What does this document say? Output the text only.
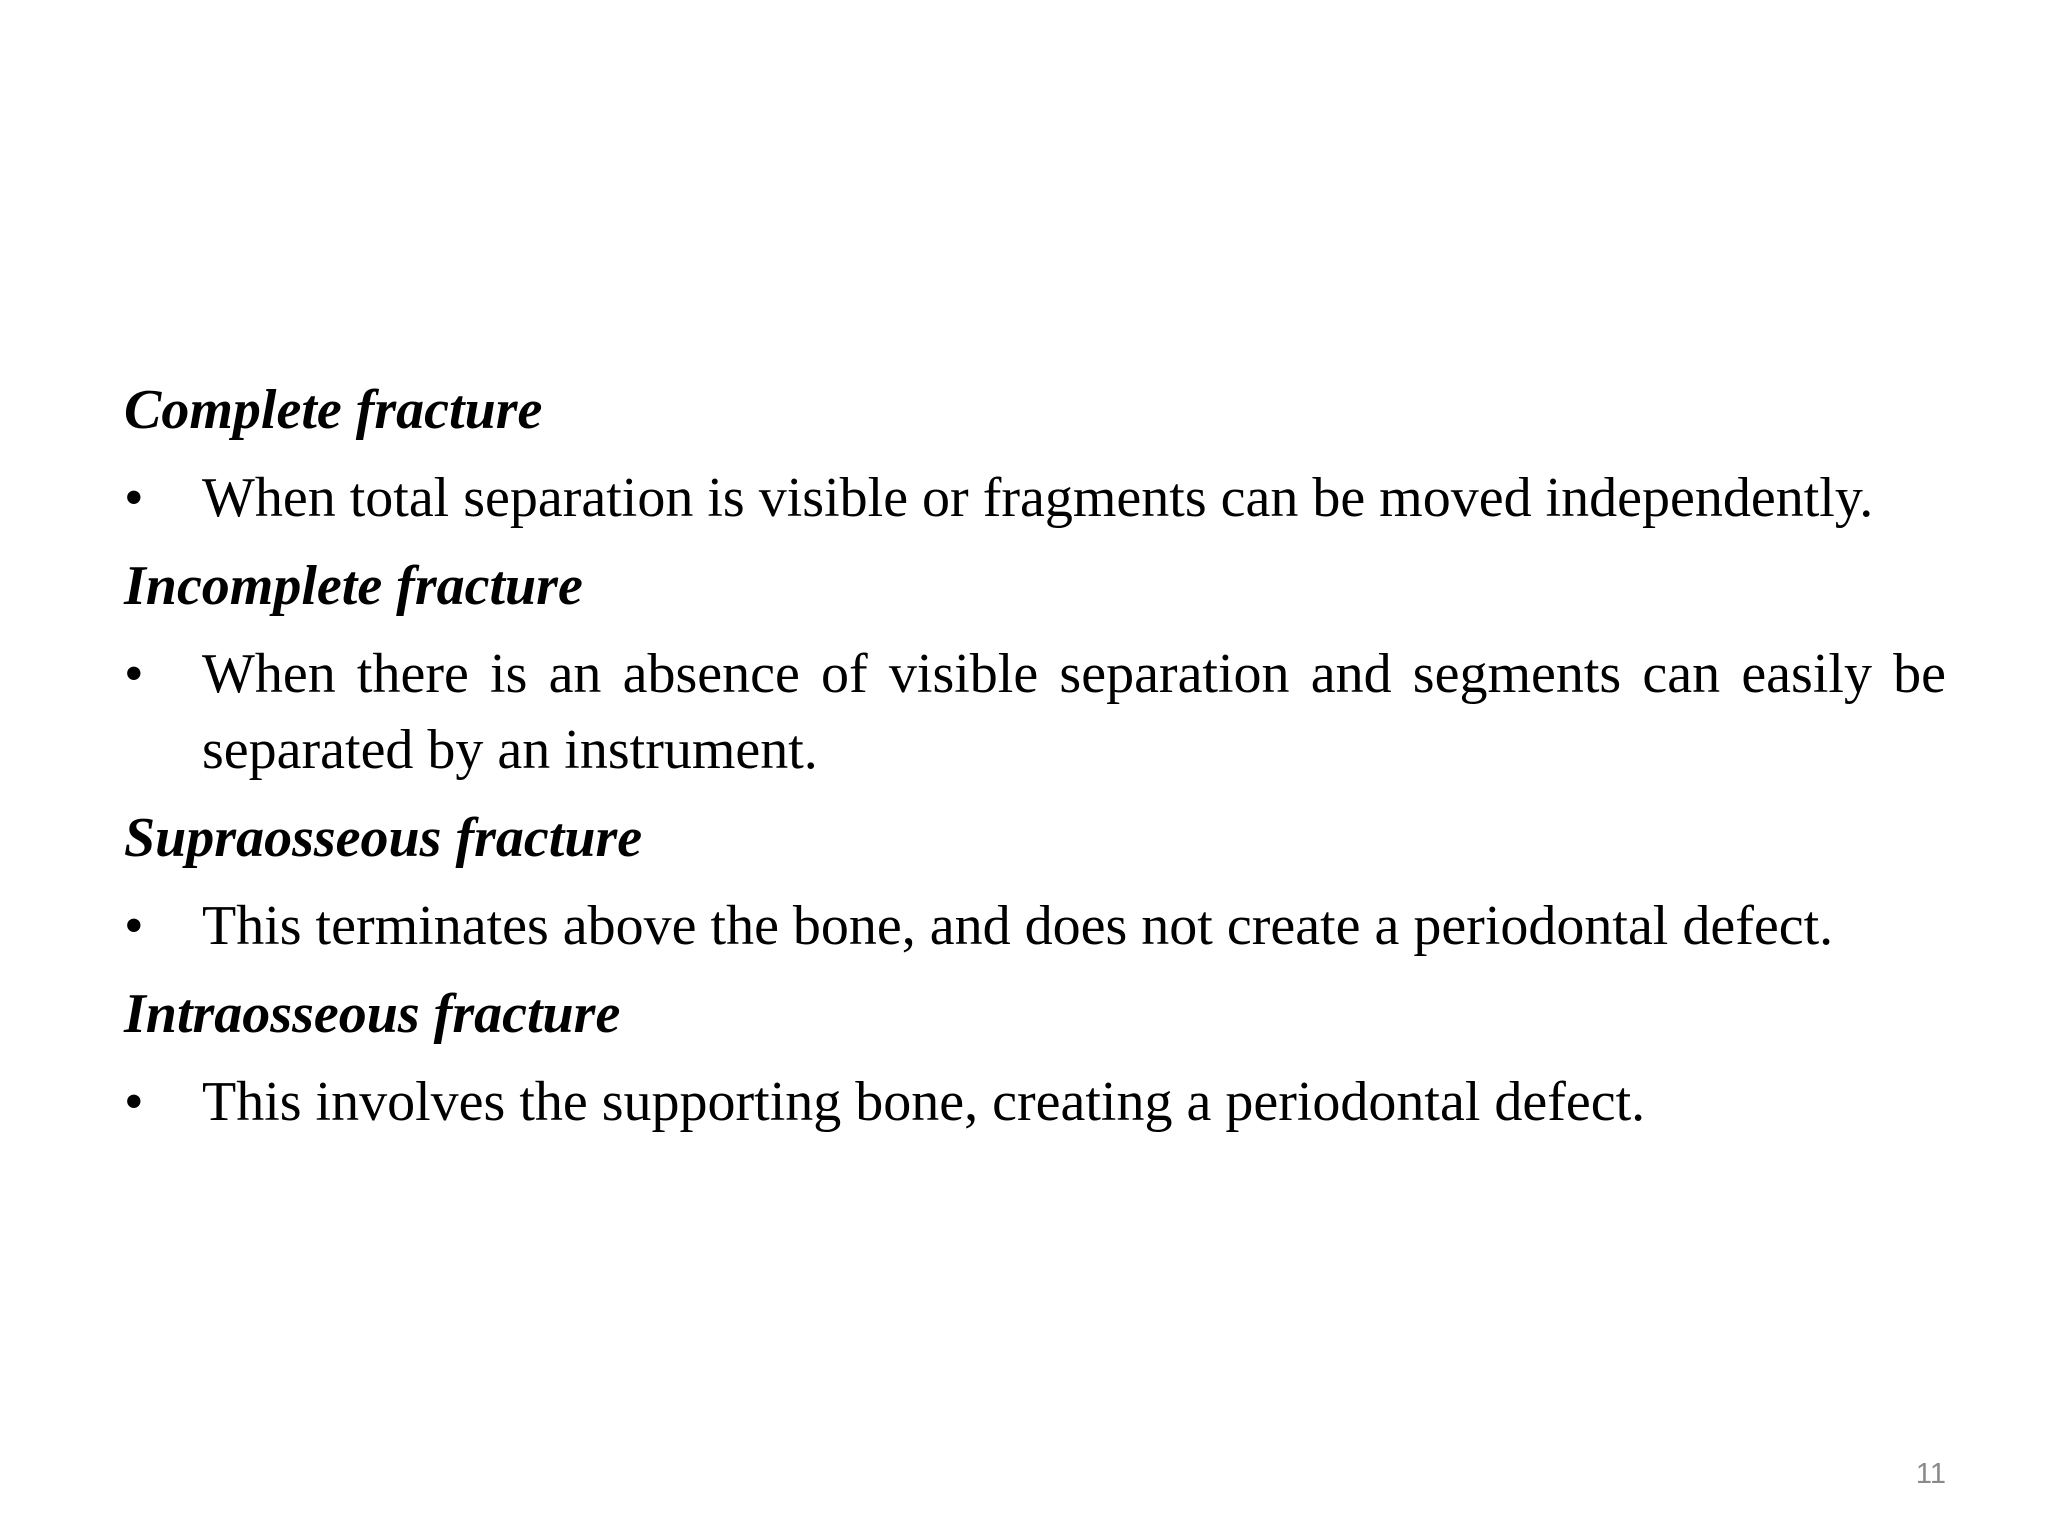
Complete fracture
•	When total separation is visible or fragments can be moved independently.
Incomplete fracture
•	When there is an absence of visible separation and segments can easily be separated by an instrument.
Supraosseous fracture
•	This terminates above the bone, and does not create a periodontal defect.
Intraosseous fracture
•	This involves the supporting bone, creating a periodontal defect.
11
